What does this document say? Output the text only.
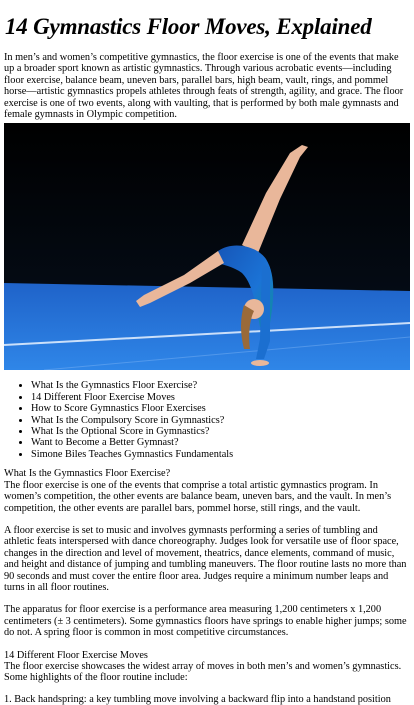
14 Gymnastics Floor Moves, Explained

In men’s and women’s competitive gymnastics, the floor exercise is one of the events that make up a broader sport known as artistic gymnastics. Through various acrobatic events—including floor exercise, balance beam, uneven bars, parallel bars, high beam, vault, rings, and pommel horse—artistic gymnastics propels athletes through feats of strength, agility, and grace. The floor exercise is one of two events, along with vaulting, that is performed by both male gymnasts and female gymnasts in Olympic competition.

• What Is the Gymnastics Floor Exercise?
• 14 Different Floor Exercise Moves
• How to Score Gymnastics Floor Exercises
• What Is the Compulsory Score in Gymnastics?
• What Is the Optional Score in Gymnastics?
• Want to Become a Better Gymnast?
• Simone Biles Teaches Gymnastics Fundamentals
What Is the Gymnastics Floor Exercise?

The floor exercise is one of the events that comprise a total artistic gymnastics program. In women’s competition, the other events are balance beam, uneven bars, and the vault. In men’s competition, the other events are parallel bars, pommel horse, still rings, and the vault.

A floor exercise is set to music and involves gymnasts performing a series of tumbling and athletic feats interspersed with dance choreography. Judges look for versatile use of floor space, changes in the direction and level of movement, theatrics, dance elements, command of music, and height and distance of jumping and tumbling maneuvers. The floor routine lasts no more than 90 seconds and must cover the entire floor area. Judges require a minimum number leaps and turns in all floor routines.

The apparatus for floor exercise is a performance area measuring 1,200 centimeters x 1,200 centimeters (± 3 centimeters). Some gymnastics floors have springs to enable higher jumps; some do not. A spring floor is common in most competitive circumstances.

14 Different Floor Exercise Moves

The floor exercise showcases the widest array of moves in both men’s and women’s gymnastics. Some highlights of the floor routine include:

1. Back handspring: a key tumbling move involving a backward flip into a handstand position
